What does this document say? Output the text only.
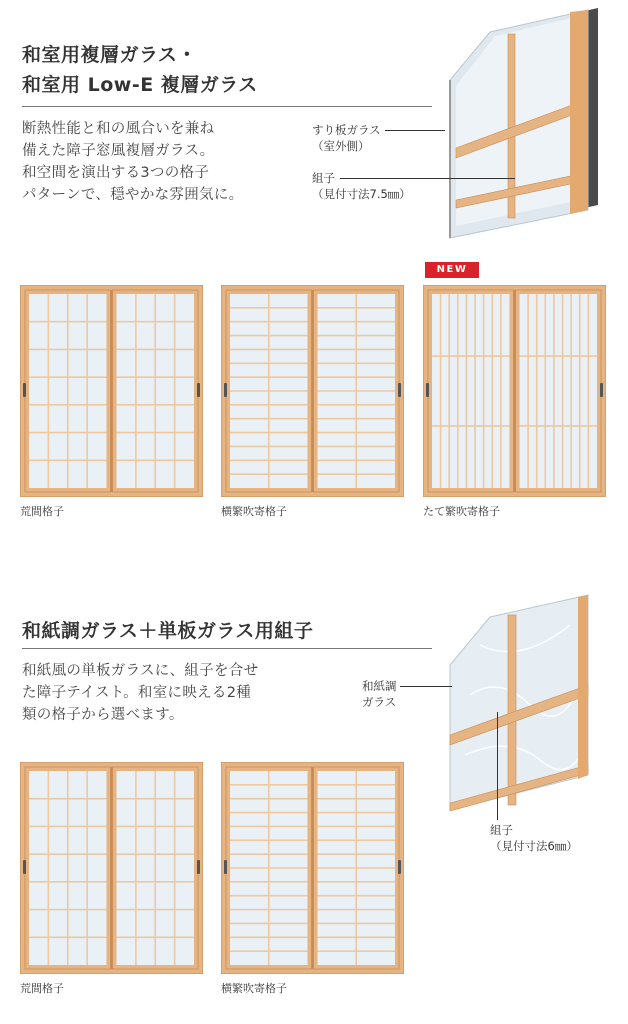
和室用複層ガラス・
和室用 Low-E 複層ガラス
断熱性能と和の風合いを兼ね
備えた障子窓風複層ガラス。
和空間を演出する3つの格子
パターンで、穏やかな雰囲気に。
すり板ガラス
（室外側）
組子
（見付寸法7.5㎜）
NEW
荒間格子	横繁吹寄格子	たて繁吹寄格子
和紙調ガラス＋単板ガラス用組子
和紙風の単板ガラスに、組子を合せ
た障子テイスト。和室に映える2種
類の格子から選べます。
和紙調
ガラス
組子
（見付寸法6㎜）
荒間格子	横繁吹寄格子
